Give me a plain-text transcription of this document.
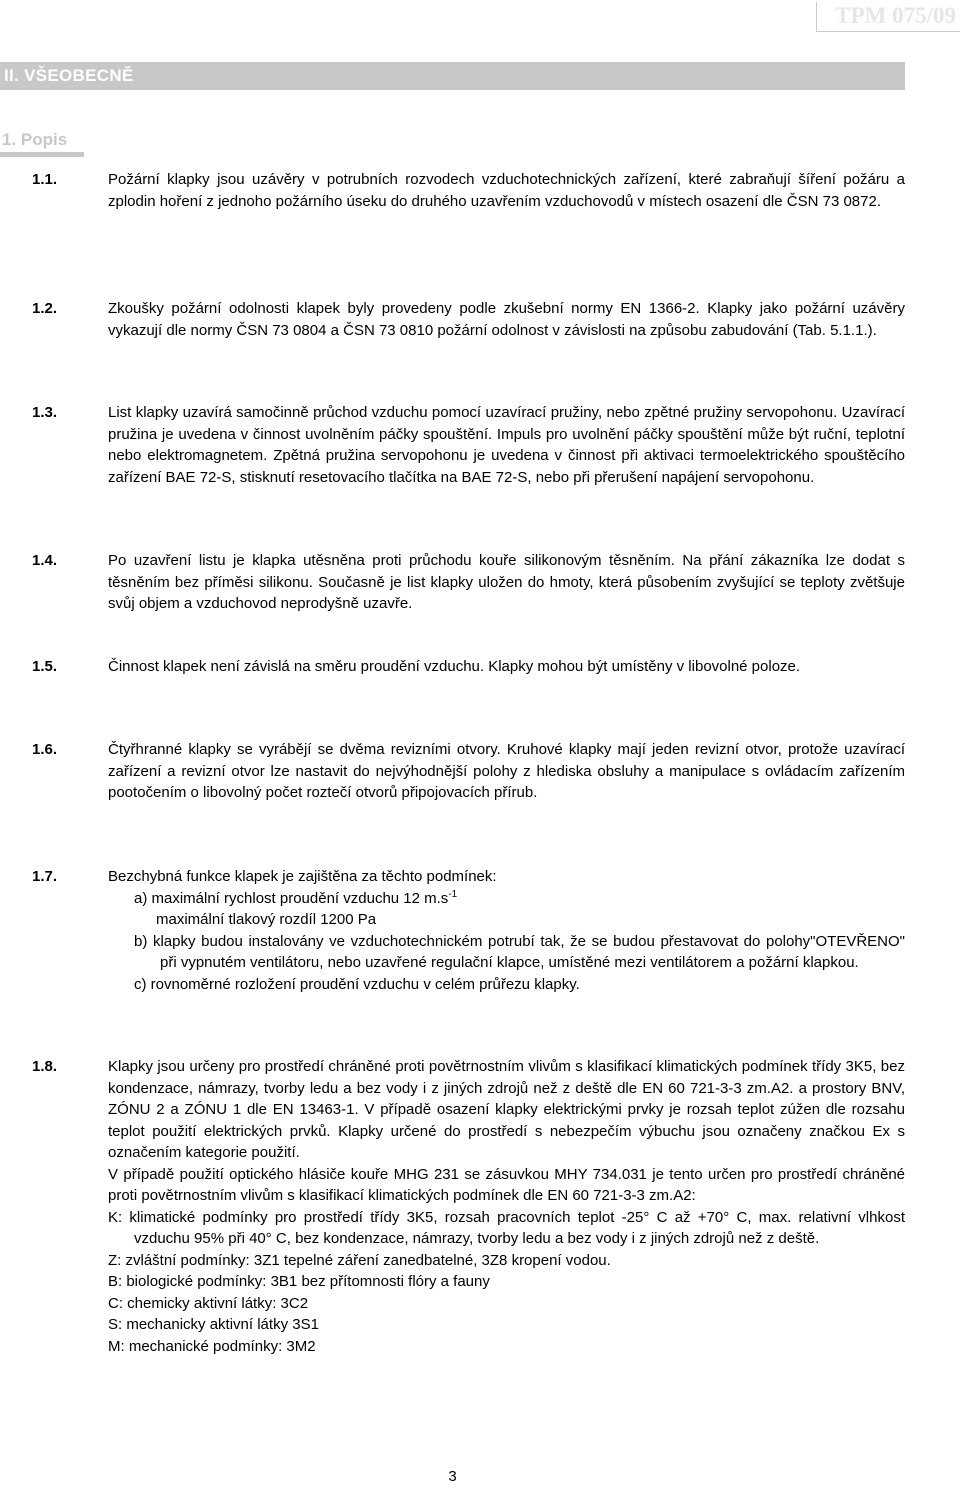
TPM 075/09
II. VŠEOBECNĚ
1. Popis
1.1.	Požární klapky jsou uzávěry v potrubních rozvodech vzduchotechnických zařízení, které zabraňují šíření požáru a zplodin hoření z jednoho požárního úseku do druhého uzavřením vzduchovodů v místech osazení dle ČSN 73 0872.

1.2.	Zkoušky požární odolnosti klapek byly provedeny podle zkušební normy EN 1366-2. Klapky jako požární uzávěry vykazují dle normy ČSN 73 0804 a ČSN 73 0810 požární odolnost v závislosti na způsobu zabudování (Tab. 5.1.1.).

1.3.	List klapky uzavírá samočinně průchod vzduchu pomocí uzavírací pružiny, nebo zpětné pružiny servopohonu. Uzavírací pružina je uvedena v činnost uvolněním páčky spouštění. Impuls pro uvolnění páčky spouštění může být ruční, teplotní nebo elektromagnetem. Zpětná pružina servopohonu je uvedena v činnost při aktivaci termoelektrického spouštěcího zařízení BAE 72-S, stisknutí resetovacího tlačítka na BAE 72-S, nebo při přerušení napájení servopohonu.

1.4.	Po uzavření listu je klapka utěsněna proti průchodu kouře silikonovým těsněním. Na přání zákazníka lze dodat s těsněním bez příměsi silikonu. Současně je list klapky uložen do hmoty, která působením zvyšující se teploty zvětšuje svůj objem a vzduchovod neprodyšně uzavře.

1.5.	Činnost klapek není závislá na směru proudění vzduchu. Klapky mohou být umístěny v libovolné poloze.

1.6.	Čtyřhranné klapky se vyrábějí se dvěma revizními otvory. Kruhové klapky mají jeden revizní otvor, protože uzavírací zařízení a revizní otvor lze nastavit do nejvýhodnější polohy z hlediska obsluhy a manipulace s ovládacím zařízením pootočením o libovolný počet roztečí otvorů připojovacích přírub.

1.7.	Bezchybná funkce klapek je zajištěna za těchto podmínek:

a) maximální rychlost proudění vzduchu 12 $m.s^{-1}$

maximální tlakový rozdíl 1200 Pa

b) klapky budou instalovány ve vzduchotechnickém potrubí tak, že se budou přestavovat do polohy"OTEVŘENO" při vypnutém ventilátoru, nebo uzavřené regulační klapce, umístěné mezi ventilátorem a požární klapkou.

c) rovnoměrné rozložení proudění vzduchu v celém průřezu klapky.

1.8.	Klapky jsou určeny pro prostředí chráněné proti povětrnostním vlivům s klasifikací klimatických podmínek třídy 3K5, bez kondenzace, námrazy, tvorby ledu a bez vody i z jiných zdrojů než z deště dle EN 60 721-3-3 zm.A2. a prostory BNV, ZÓNU 2 a ZÓNU 1 dle EN 13463-1. V případě osazení klapky elektrickými prvky je rozsah teplot zúžen dle rozsahu teplot použití elektrických prvků. Klapky určené do prostředí s nebezpečím výbuchu jsou označeny značkou Ex s označením kategorie použití.

V případě použití optického hlásiče kouře MHG 231 se zásuvkou MHY 734.031 je tento určen pro prostředí chráněné proti povětrnostním vlivům s klasifikací klimatických podmínek dle EN 60 721-3-3 zm.A2:

K: klimatické podmínky pro prostředí třídy 3K5, rozsah pracovních teplot -25° C až +70° C, max. relativní vlhkost vzduchu 95% při 40° C, bez kondenzace, námrazy, tvorby ledu a bez vody i z jiných zdrojů než z deště.

Z: zvláštní podmínky: 3Z1 tepelné záření zanedbatelné, 3Z8 kropení vodou.

B: biologické podmínky: 3B1 bez přítomnosti flóry a fauny

C: chemicky aktivní látky: 3C2

S: mechanicky aktivní látky 3S1

M: mechanické podmínky: 3M2

3
